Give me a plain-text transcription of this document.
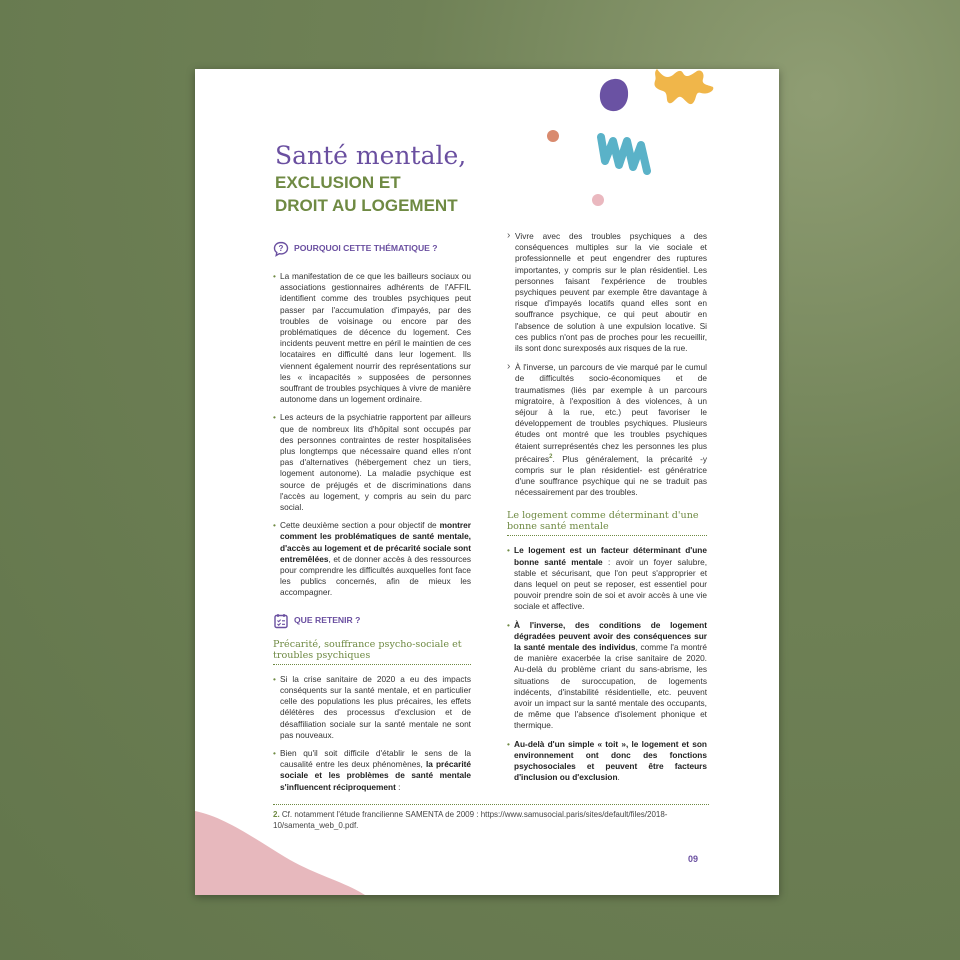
Santé mentale,

EXCLUSION ET

DROIT AU LOGEMENT

? POURQUOI CETTE THÉMATIQUE ?

• La manifestation de ce que les bailleurs sociaux ou associations gestionnaires adhérents de l'AFFIL identifient comme des troubles psychiques peut passer par l'accumulation d'impayés, par des troubles de voisinage ou encore par des problématiques de décence du logement. Ces incidents peuvent mettre en péril le maintien de ces locataires en difficulté dans leur logement. Ils viennent également nourrir des représentations sur les « incapacités » supposées de personnes souffrant de troubles psychiques à vivre de manière autonome dans un logement ordinaire.

• Les acteurs de la psychiatrie rapportent par ailleurs que de nombreux lits d'hôpital sont occupés par des personnes contraintes de rester hospitalisées plus longtemps que nécessaire quand elles n'ont pas d'alternatives (hébergement chez un tiers, logement autonome). La maladie psychique est source de préjugés et de discriminations dans l'accès au logement, y compris au sein du parc social.

• Cette deuxième section a pour objectif de montrer comment les problématiques de santé mentale, d'accès au logement et de précarité sociale sont entremêlées, et de donner accès à des ressources pour comprendre les difficultés auxquelles font face les publics concernés, afin de mieux les accompagner.

QUE RETENIR ?

Précarité, souffrance psycho-sociale et troubles psychiques

• Si la crise sanitaire de 2020 a eu des impacts conséquents sur la santé mentale, et en particulier celle des populations les plus précaires, les effets délétères des processus d'exclusion et de désaffiliation sociale sur la santé mentale ne sont pas nouveaux.

• Bien qu'il soit difficile d'établir le sens de la causalité entre les deux phénomènes, la précarité sociale et les problèmes de santé mentale s'influencent réciproquement :

› Vivre avec des troubles psychiques a des conséquences multiples sur la vie sociale et professionnelle et peut engendrer des ruptures importantes, y compris sur le plan résidentiel. Les personnes faisant l'expérience de troubles psychiques peuvent par exemple être davantage à risque d'impayés locatifs quand elles sont en souffrance psychique, ce qui peut aboutir en l'absence de solution à une expulsion locative. Si ces publics n'ont pas de proches pour les recueillir, ils sont donc surexposés aux risques de la rue.

› À l'inverse, un parcours de vie marqué par le cumul de difficultés socio-économiques et de traumatismes (liés par exemple à un parcours migratoire, à l'exposition à des violences, à un séjour à la rue, etc.) peut favoriser le développement de troubles psychiques. Plusieurs études ont montré que les troubles psychiques étaient surreprésentés chez les personnes les plus précaires$^2$. Plus généralement, la précarité -y compris sur le plan résidentiel- est génératrice d'une souffrance psychique qui ne se traduit pas nécessairement par des troubles.

Le logement comme déterminant d'une bonne santé mentale

• Le logement est un facteur déterminant d'une bonne santé mentale : avoir un foyer salubre, stable et sécurisant, que l'on peut s'approprier et dans lequel on peut se reposer, est essentiel pour pouvoir prendre soin de soi et avoir accès à une vie sociale et affective.

• À l'inverse, des conditions de logement dégradées peuvent avoir des conséquences sur la santé mentale des individus, comme l'a montré de manière exacerbée la crise sanitaire de 2020. Au-delà du problème criant du sans-abrisme, les situations de suroccupation, de logements indécents, d'instabilité résidentielle, etc. peuvent avoir un impact sur la santé mentale des occupants, de même que l'absence d'isolement phonique et thermique.

• Au-delà d'un simple « toit », le logement et son environnement ont donc des fonctions psychosociales et peuvent être facteurs d'inclusion ou d'exclusion.

2. Cf. notamment l'étude francilienne SAMENTA de 2009 : https://www.samusocial.paris/sites/default/files/2018-10/samenta_web_0.pdf.
09
